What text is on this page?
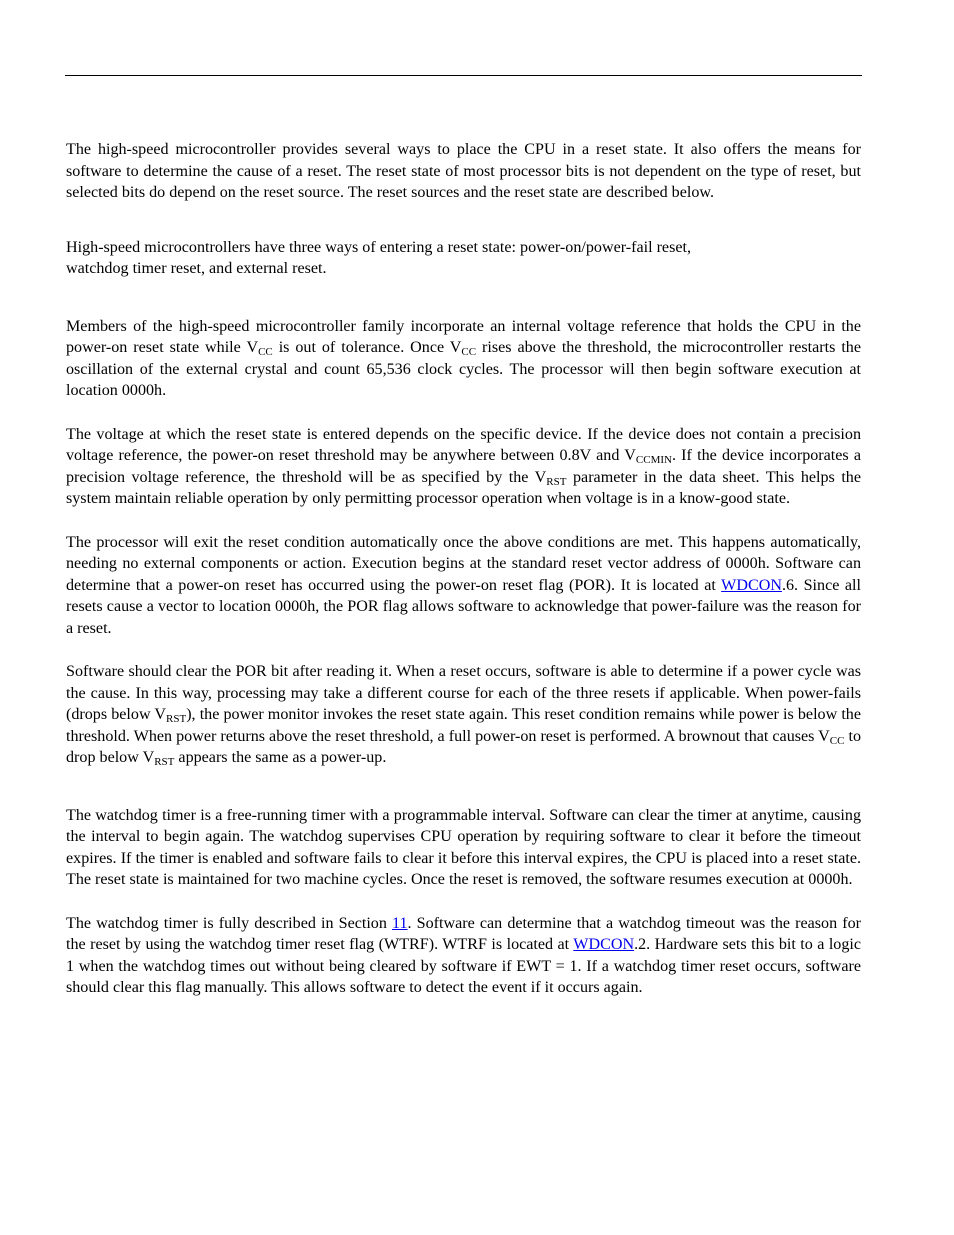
The high-speed microcontroller provides several ways to place the CPU in a reset state. It also offers the means for software to determine the cause of a reset. The reset state of most processor bits is not dependent on the type of reset, but selected bits do depend on the reset source. The reset sources and the reset state are described below.

High-speed microcontrollers have three ways of entering a reset state: power-on/power-fail reset,
watchdog timer reset, and external reset.

Members of the high-speed microcontroller family incorporate an internal voltage reference that holds the CPU in the power-on reset state while $V_{CC}$ is out of tolerance. Once $V_{CC}$ rises above the threshold, the microcontroller restarts the oscillation of the external crystal and count 65,536 clock cycles. The processor will then begin software execution at location 0000h.

The voltage at which the reset state is entered depends on the specific device. If the device does not contain a precision voltage reference, the power-on reset threshold may be anywhere between 0.8V and $V_{CCMIN}$. If the device incorporates a precision voltage reference, the threshold will be as specified by the $V_{RST}$ parameter in the data sheet. This helps the system maintain reliable operation by only permitting processor operation when voltage is in a know-good state.

The processor will exit the reset condition automatically once the above conditions are met. This happens automatically, needing no external components or action. Execution begins at the standard reset vector address of 0000h. Software can determine that a power-on reset has occurred using the power-on reset flag (POR). It is located at WDCON.6. Since all resets cause a vector to location 0000h, the POR flag allows software to acknowledge that power-failure was the reason for a reset.

Software should clear the POR bit after reading it. When a reset occurs, software is able to determine if a power cycle was the cause. In this way, processing may take a different course for each of the three resets if applicable. When power-fails (drops below $V_{RST}$), the power monitor invokes the reset state again. This reset condition remains while power is below the threshold. When power returns above the reset threshold, a full power-on reset is performed. A brownout that causes $V_{CC}$ to drop below $V_{RST}$ appears the same as a power-up.

The watchdog timer is a free-running timer with a programmable interval. Software can clear the timer at anytime, causing the interval to begin again. The watchdog supervises CPU operation by requiring software to clear it before the timeout expires. If the timer is enabled and software fails to clear it before this interval expires, the CPU is placed into a reset state. The reset state is maintained for two machine cycles. Once the reset is removed, the software resumes execution at 0000h.

The watchdog timer is fully described in Section 11. Software can determine that a watchdog timeout was the reason for the reset by using the watchdog timer reset flag (WTRF). WTRF is located at WDCON.2. Hardware sets this bit to a logic 1 when the watchdog times out without being cleared by software if EWT = 1. If a watchdog timer reset occurs, software should clear this flag manually. This allows software to detect the event if it occurs again.
